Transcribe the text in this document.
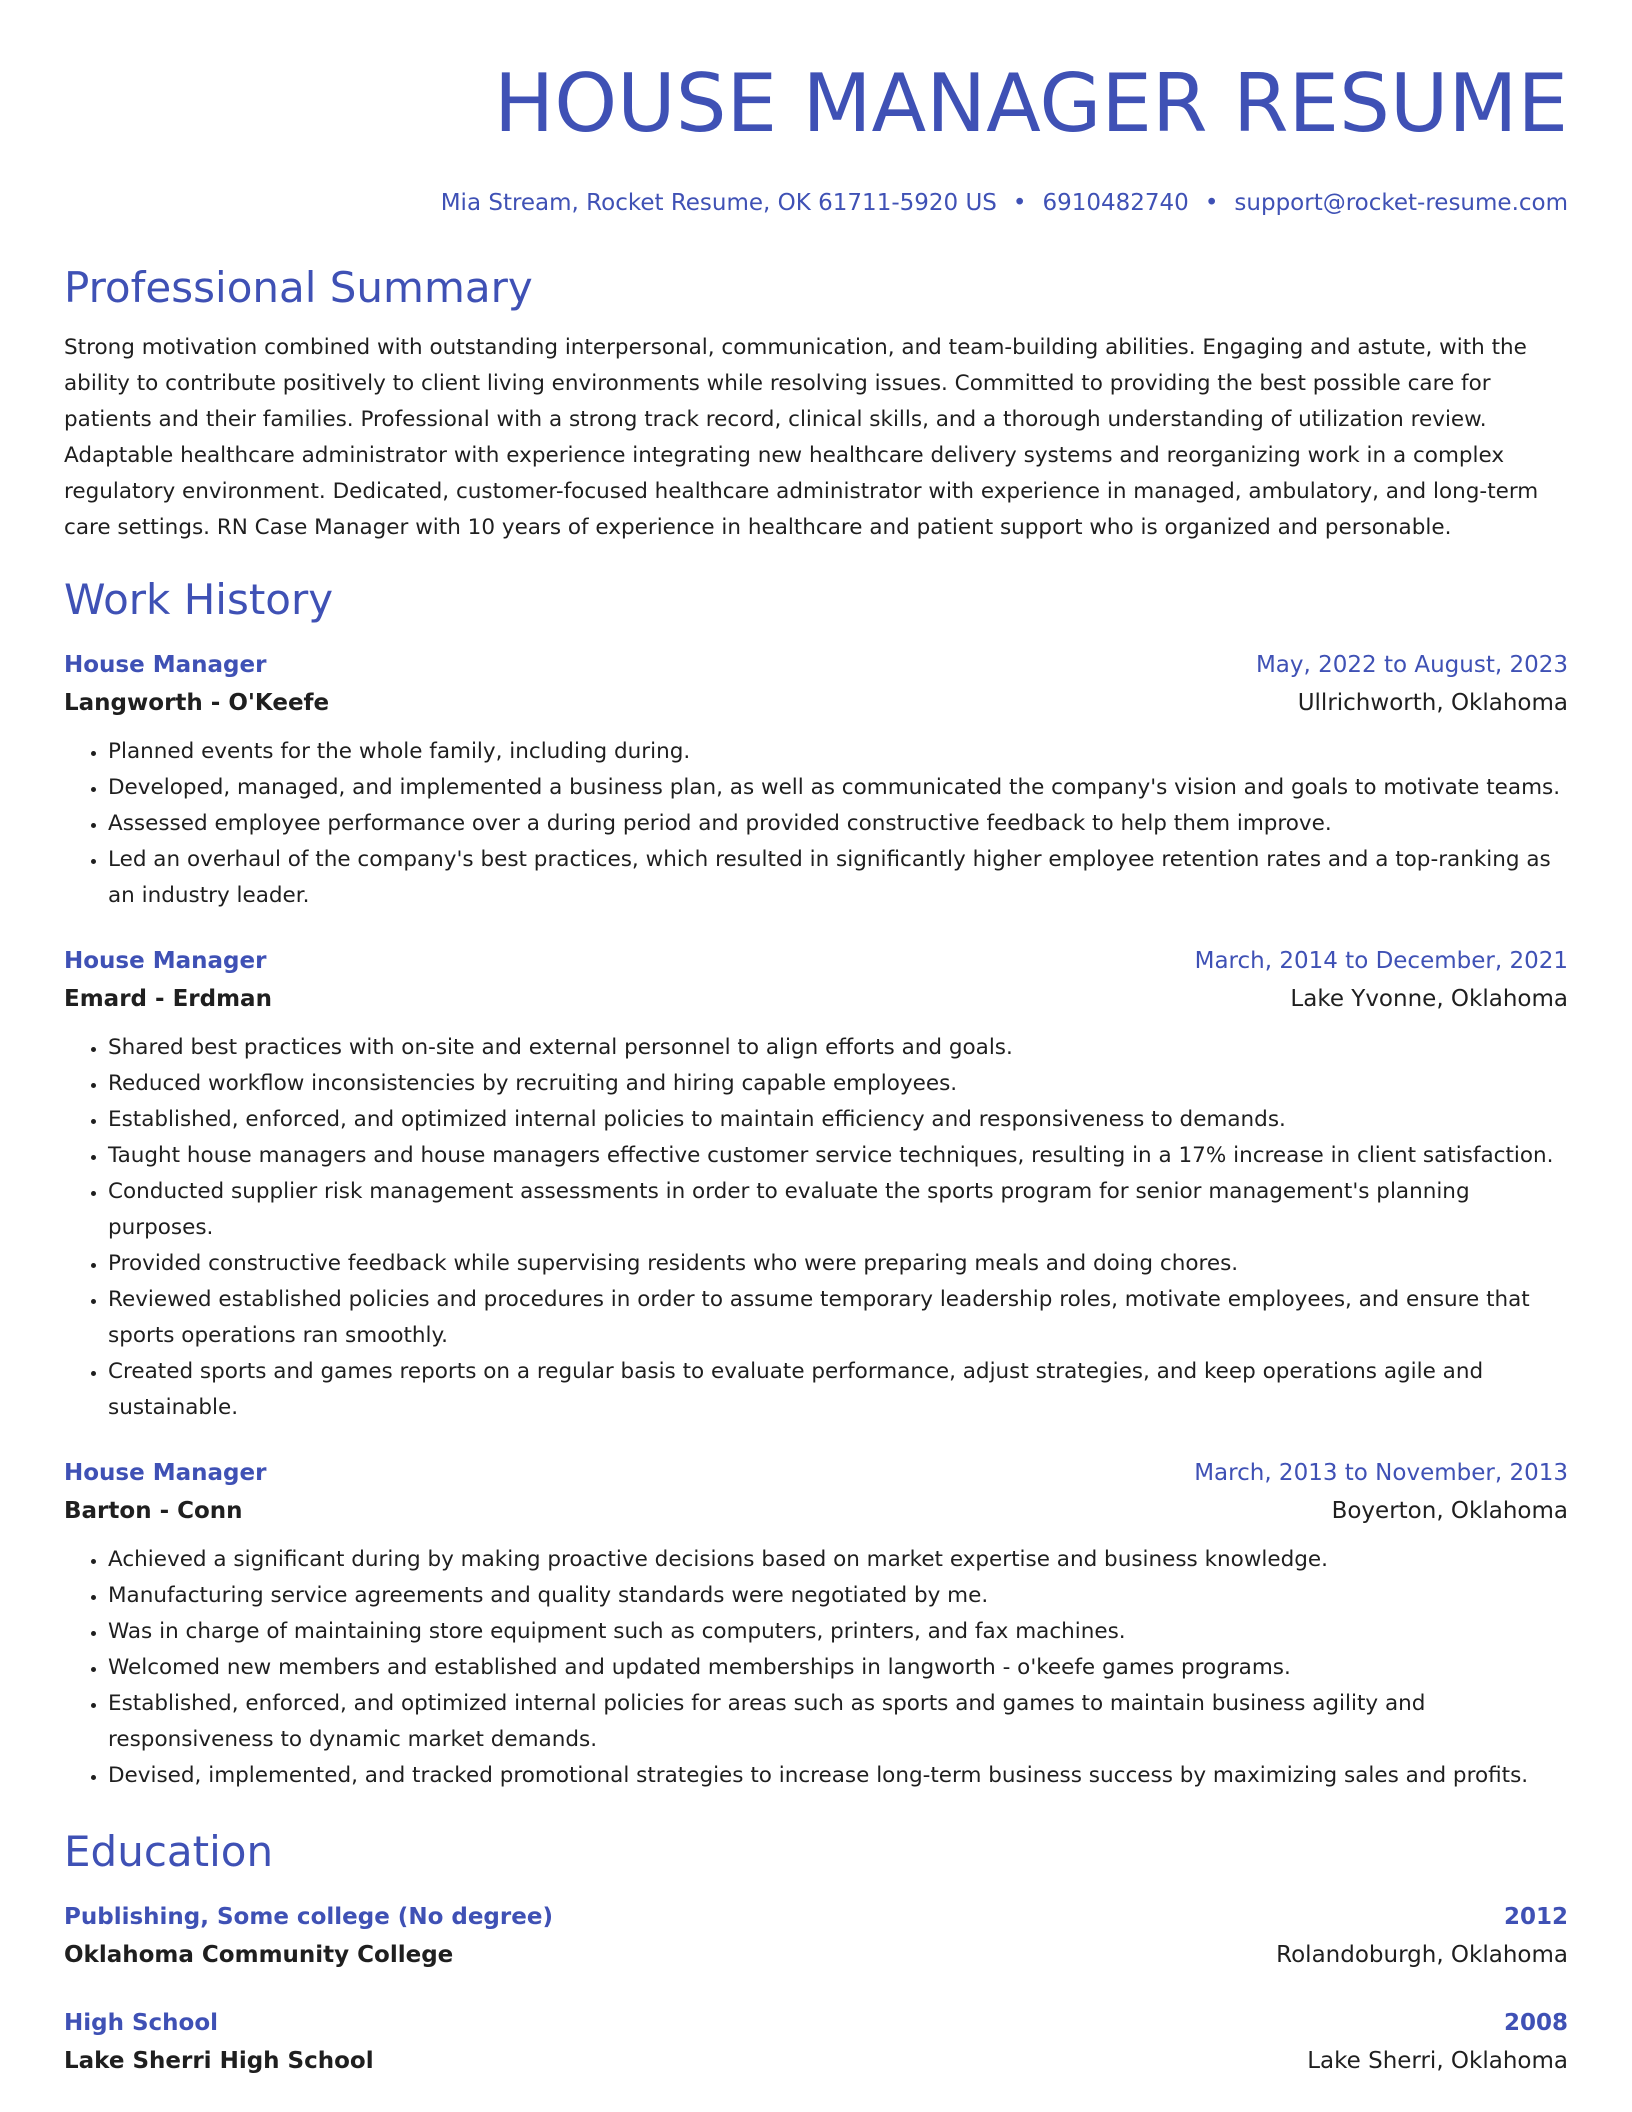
HOUSE MANAGER RESUME
Mia Stream, Rocket Resume, OK 61711-5920 US • 6910482740 • support@rocket-resume.com
Professional Summary
Strong motivation combined with outstanding interpersonal, communication, and team-building abilities. Engaging and astute, with the ability to contribute positively to client living environments while resolving issues. Committed to providing the best possible care for patients and their families. Professional with a strong track record, clinical skills, and a thorough understanding of utilization review. Adaptable healthcare administrator with experience integrating new healthcare delivery systems and reorganizing work in a complex regulatory environment. Dedicated, customer-focused healthcare administrator with experience in managed, ambulatory, and long-term care settings. RN Case Manager with 10 years of experience in healthcare and patient support who is organized and personable.
Work History
House Manager	May, 2022 to August, 2023
Langworth - O'Keefe	Ullrichworth, Oklahoma
• Planned events for the whole family, including during.
• Developed, managed, and implemented a business plan, as well as communicated the company's vision and goals to motivate teams.
• Assessed employee performance over a during period and provided constructive feedback to help them improve.
• Led an overhaul of the company's best practices, which resulted in significantly higher employee retention rates and a top-ranking as an industry leader.
House Manager	March, 2014 to December, 2021
Emard - Erdman	Lake Yvonne, Oklahoma
• Shared best practices with on-site and external personnel to align efforts and goals.
• Reduced workflow inconsistencies by recruiting and hiring capable employees.
• Established, enforced, and optimized internal policies to maintain efficiency and responsiveness to demands.
• Taught house managers and house managers effective customer service techniques, resulting in a 17% increase in client satisfaction.
• Conducted supplier risk management assessments in order to evaluate the sports program for senior management's planning purposes.
• Provided constructive feedback while supervising residents who were preparing meals and doing chores.
• Reviewed established policies and procedures in order to assume temporary leadership roles, motivate employees, and ensure that sports operations ran smoothly.
• Created sports and games reports on a regular basis to evaluate performance, adjust strategies, and keep operations agile and sustainable.
House Manager	March, 2013 to November, 2013
Barton - Conn	Boyerton, Oklahoma
• Achieved a significant during by making proactive decisions based on market expertise and business knowledge.
• Manufacturing service agreements and quality standards were negotiated by me.
• Was in charge of maintaining store equipment such as computers, printers, and fax machines.
• Welcomed new members and established and updated memberships in langworth - o'keefe games programs.
• Established, enforced, and optimized internal policies for areas such as sports and games to maintain business agility and responsiveness to dynamic market demands.
• Devised, implemented, and tracked promotional strategies to increase long-term business success by maximizing sales and profits.
Education
Publishing, Some college (No degree)	2012
Oklahoma Community College	Rolandoburgh, Oklahoma
High School	2008
Lake Sherri High School	Lake Sherri, Oklahoma
